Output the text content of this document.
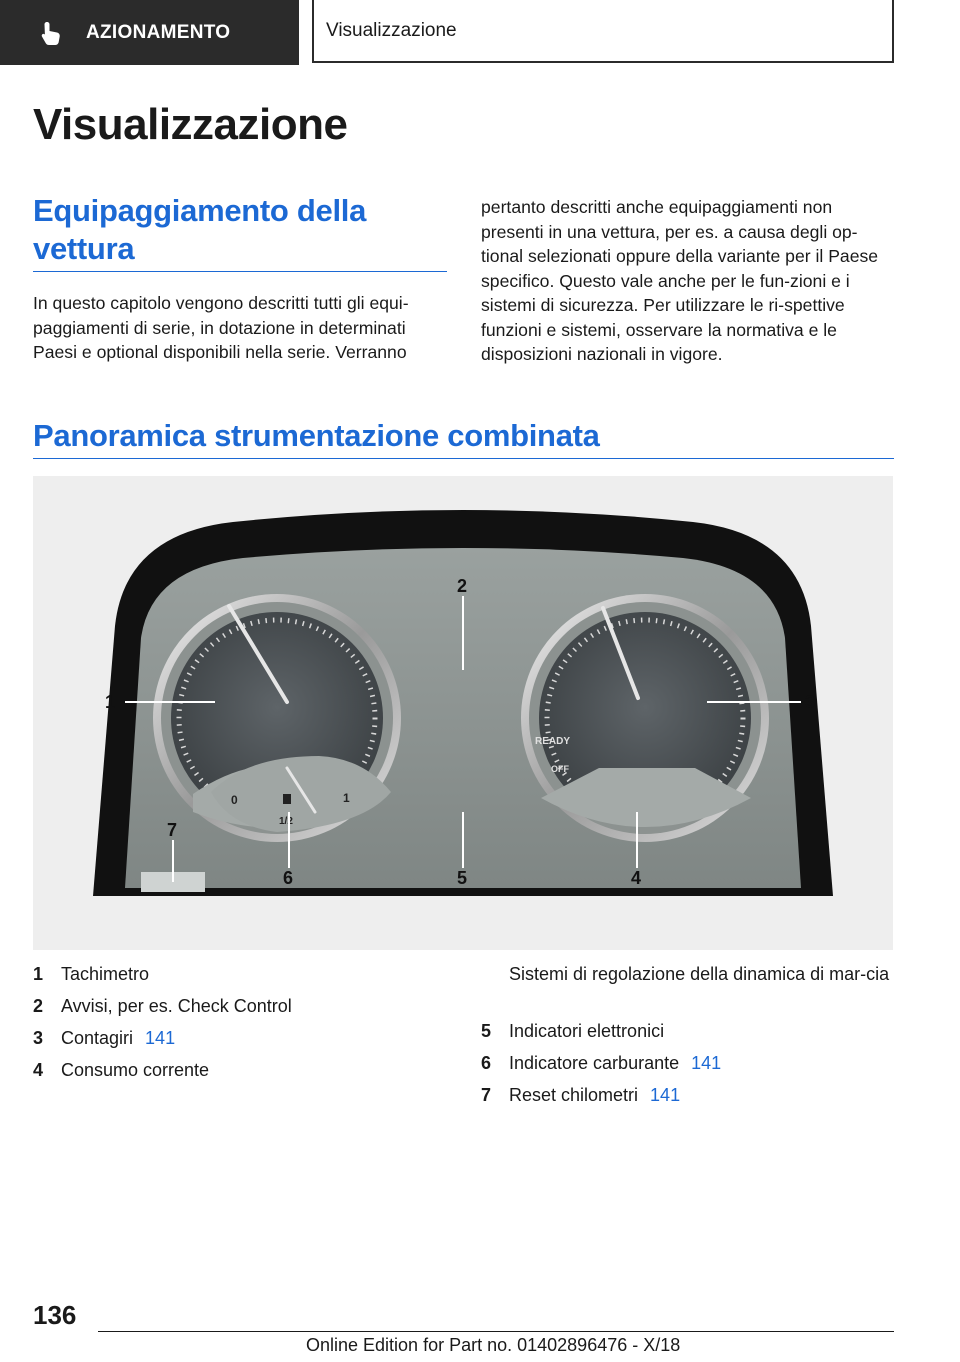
AZIONAMENTO	Visualizzazione
Visualizzazione
Equipaggiamento della vettura

In questo capitolo vengono descritti tutti gli equi-paggiamenti di serie, in dotazione in determinati Paesi e optional disponibili nella serie. Verranno

pertanto descritti anche equipaggiamenti non presenti in una vettura, per es. a causa degli op-tional selezionati oppure della variante per il Paese specifico. Questo vale anche per le fun-zioni e i sistemi di sicurezza. Per utilizzare le ri-spettive funzioni e sistemi, osservare la normativa e le disposizioni nazionali in vigore.

Panoramica strumentazione combinata
0	1
1/2
READY
OFF
1
2
3
4
5
6
7
1 Tachimetro
2 Avvisi, per es. Check Control
3 Contagiri 141
4 Consumo corrente
Sistemi di regolazione della dinamica di mar-cia
5 Indicatori elettronici
6 Indicatore carburante 141
7 Reset chilometri 141
136
Online Edition for Part no. 01402896476 - X/18
